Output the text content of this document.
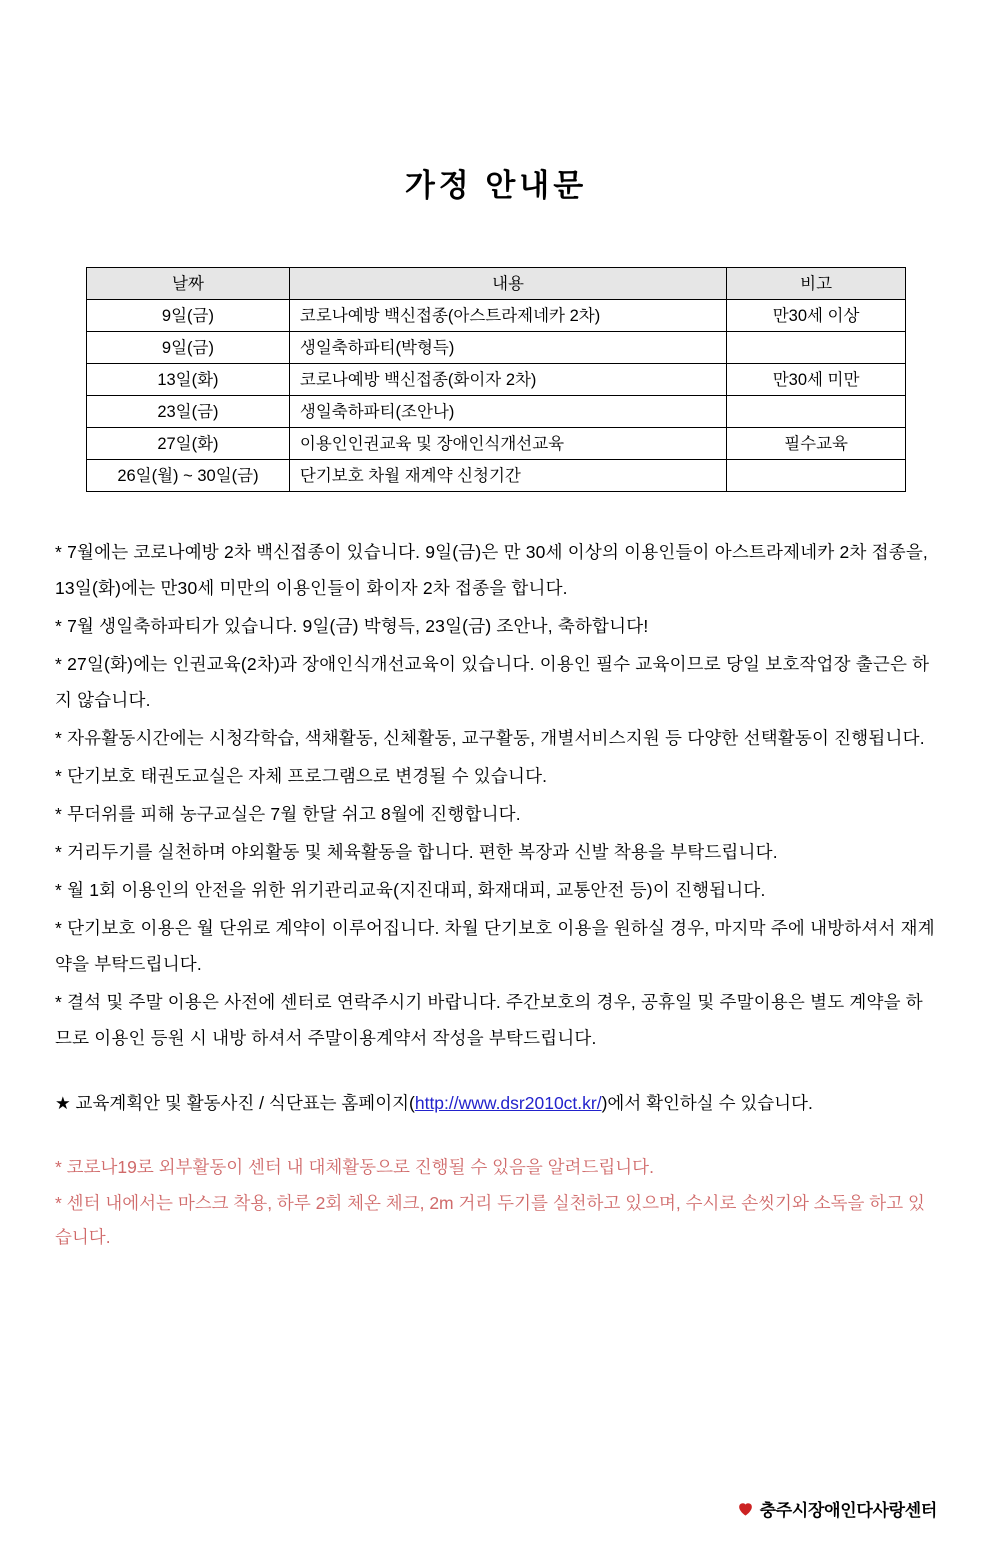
가정 안내문
날짜	내용	비고
9일(금)	코로나예방 백신접종(아스트라제네카 2차)	만30세 이상
9일(금)	생일축하파티(박형득)	
13일(화)	코로나예방 백신접종(화이자 2차)	만30세 미만
23일(금)	생일축하파티(조안나)	
27일(화)	이용인인권교육 및 장애인식개선교육	필수교육
26일(월) ~ 30일(금)	단기보호 차월 재계약 신청기간	

* 7월에는 코로나예방 2차 백신접종이 있습니다. 9일(금)은 만 30세 이상의 이용인들이 아스트라제네카 2차 접종을, 13일(화)에는 만30세 미만의 이용인들이 화이자 2차 접종을 합니다.

* 7월 생일축하파티가 있습니다. 9일(금) 박형득, 23일(금) 조안나, 축하합니다!

* 27일(화)에는 인권교육(2차)과 장애인식개선교육이 있습니다. 이용인 필수 교육이므로 당일 보호작업장 출근은 하지 않습니다.

* 자유활동시간에는 시청각학습, 색채활동, 신체활동, 교구활동, 개별서비스지원 등 다양한 선택활동이 진행됩니다.

* 단기보호 태권도교실은 자체 프로그램으로 변경될 수 있습니다.

* 무더위를 피해 농구교실은 7월 한달 쉬고 8월에 진행합니다.

* 거리두기를 실천하며 야외활동 및 체육활동을 합니다. 편한 복장과 신발 착용을 부탁드립니다.

* 월 1회 이용인의 안전을 위한 위기관리교육(지진대피, 화재대피, 교통안전 등)이 진행됩니다.

* 단기보호 이용은 월 단위로 계약이 이루어집니다. 차월 단기보호 이용을 원하실 경우, 마지막 주에 내방하셔서 재계약을 부탁드립니다.

* 결석 및 주말 이용은 사전에 센터로 연락주시기 바랍니다. 주간보호의 경우, 공휴일 및 주말이용은 별도 계약을 하므로 이용인 등원 시 내방 하셔서 주말이용계약서 작성을 부탁드립니다.

★ 교육계획안 및 활동사진 / 식단표는 홈페이지(http://www.dsr2010ct.kr/)에서 확인하실 수 있습니다.

* 코로나19로 외부활동이 센터 내 대체활동으로 진행될 수 있음을 알려드립니다.

* 센터 내에서는 마스크 착용, 하루 2회 체온 체크, 2m 거리 두기를 실천하고 있으며, 수시로 손씻기와 소독을 하고 있습니다.

충주시장애인다사랑센터
